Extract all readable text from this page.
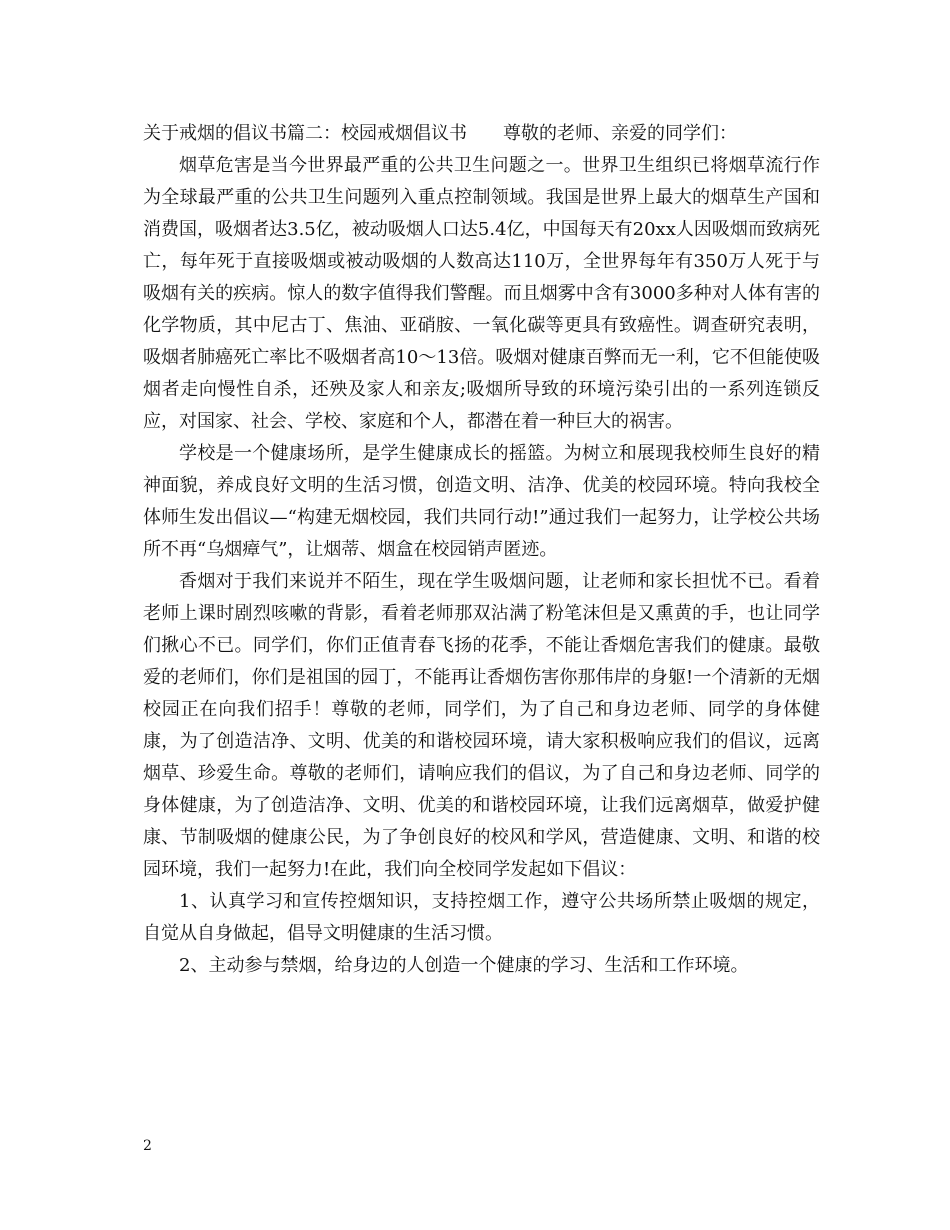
关于戒烟的倡议书篇二：校园戒烟倡议书　　尊敬的老师、亲爱的同学们：

烟草危害是当今世界最严重的公共卫生问题之一。世界卫生组织已将烟草流行作为全球最严重的公共卫生问题列入重点控制领域。我国是世界上最大的烟草生产国和消费国，吸烟者达3.5亿，被动吸烟人口达5.4亿，中国每天有20xx人因吸烟而致病死亡，每年死于直接吸烟或被动吸烟的人数高达110万，全世界每年有350万人死于与吸烟有关的疾病。惊人的数字值得我们警醒。而且烟雾中含有3000多种对人体有害的化学物质，其中尼古丁、焦油、亚硝胺、一氧化碳等更具有致癌性。调查研究表明，吸烟者肺癌死亡率比不吸烟者高10～13倍。吸烟对健康百弊而无一利，它不但能使吸烟者走向慢性自杀，还殃及家人和亲友;吸烟所导致的环境污染引出的一系列连锁反应，对国家、社会、学校、家庭和个人，都潜在着一种巨大的祸害。

学校是一个健康场所，是学生健康成长的摇篮。为树立和展现我校师生良好的精神面貌，养成良好文明的生活习惯，创造文明、洁净、优美的校园环境。特向我校全体师生发出倡议—“构建无烟校园，我们共同行动!”通过我们一起努力，让学校公共场所不再“乌烟瘴气”，让烟蒂、烟盒在校园销声匿迹。

香烟对于我们来说并不陌生，现在学生吸烟问题，让老师和家长担忧不已。看着老师上课时剧烈咳嗽的背影，看着老师那双沾满了粉笔沫但是又熏黄的手，也让同学们揪心不已。同学们，你们正值青春飞扬的花季，不能让香烟危害我们的健康。最敬爱的老师们，你们是祖国的园丁，不能再让香烟伤害你那伟岸的身躯!一个清新的无烟校园正在向我们招手！尊敬的老师，同学们，为了自己和身边老师、同学的身体健康，为了创造洁净、文明、优美的和谐校园环境，请大家积极响应我们的倡议，远离烟草、珍爱生命。尊敬的老师们，请响应我们的倡议，为了自己和身边老师、同学的身体健康，为了创造洁净、文明、优美的和谐校园环境，让我们远离烟草，做爱护健康、节制吸烟的健康公民，为了争创良好的校风和学风，营造健康、文明、和谐的校园环境，我们一起努力!在此，我们向全校同学发起如下倡议：

1、认真学习和宣传控烟知识，支持控烟工作，遵守公共场所禁止吸烟的规定，自觉从自身做起，倡导文明健康的生活习惯。

2、主动参与禁烟，给身边的人创造一个健康的学习、生活和工作环境。

2
